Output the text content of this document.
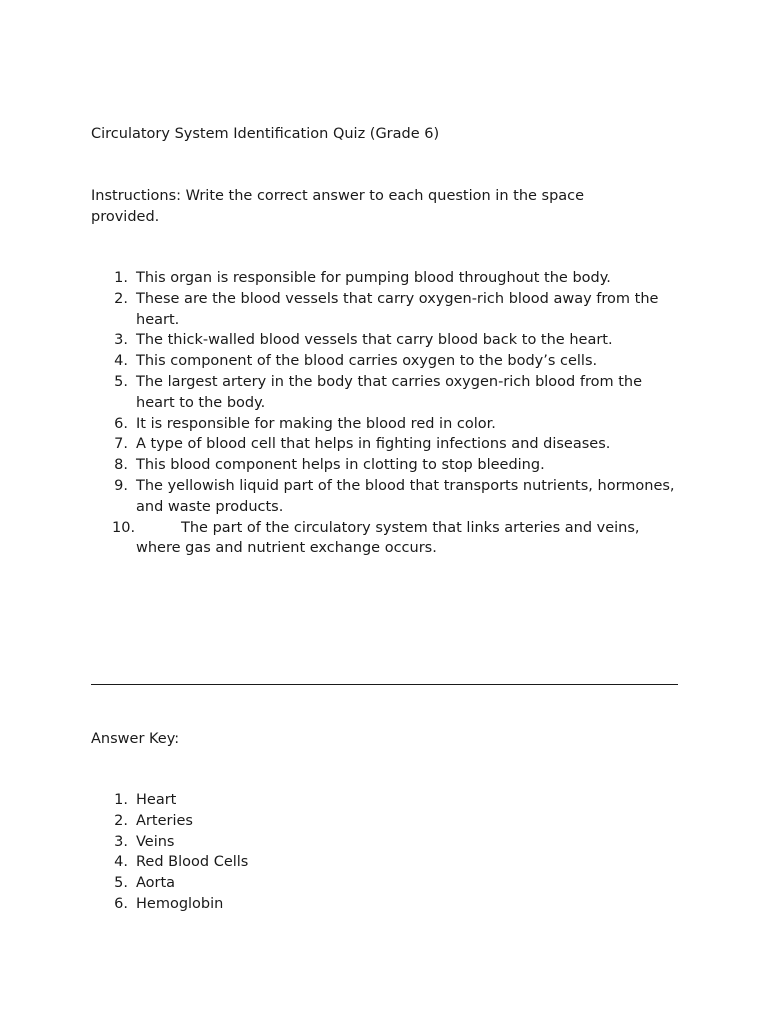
Circulatory System Identification Quiz (Grade 6)
Instructions: Write the correct answer to each question in the space provided.
1. This organ is responsible for pumping blood throughout the body.
2. These are the blood vessels that carry oxygen-rich blood away from the heart.
3. The thick-walled blood vessels that carry blood back to the heart.
4. This component of the blood carries oxygen to the body’s cells.
5. The largest artery in the body that carries oxygen-rich blood from the heart to the body.
6. It is responsible for making the blood red in color.
7. A type of blood cell that helps in fighting infections and diseases.
8. This blood component helps in clotting to stop bleeding.
9. The yellowish liquid part of the blood that transports nutrients, hormones, and waste products.
10.	The part of the circulatory system that links arteries and veins, where gas and nutrient exchange occurs.
Answer Key:
1. Heart
2. Arteries
3. Veins
4. Red Blood Cells
5. Aorta
6. Hemoglobin
